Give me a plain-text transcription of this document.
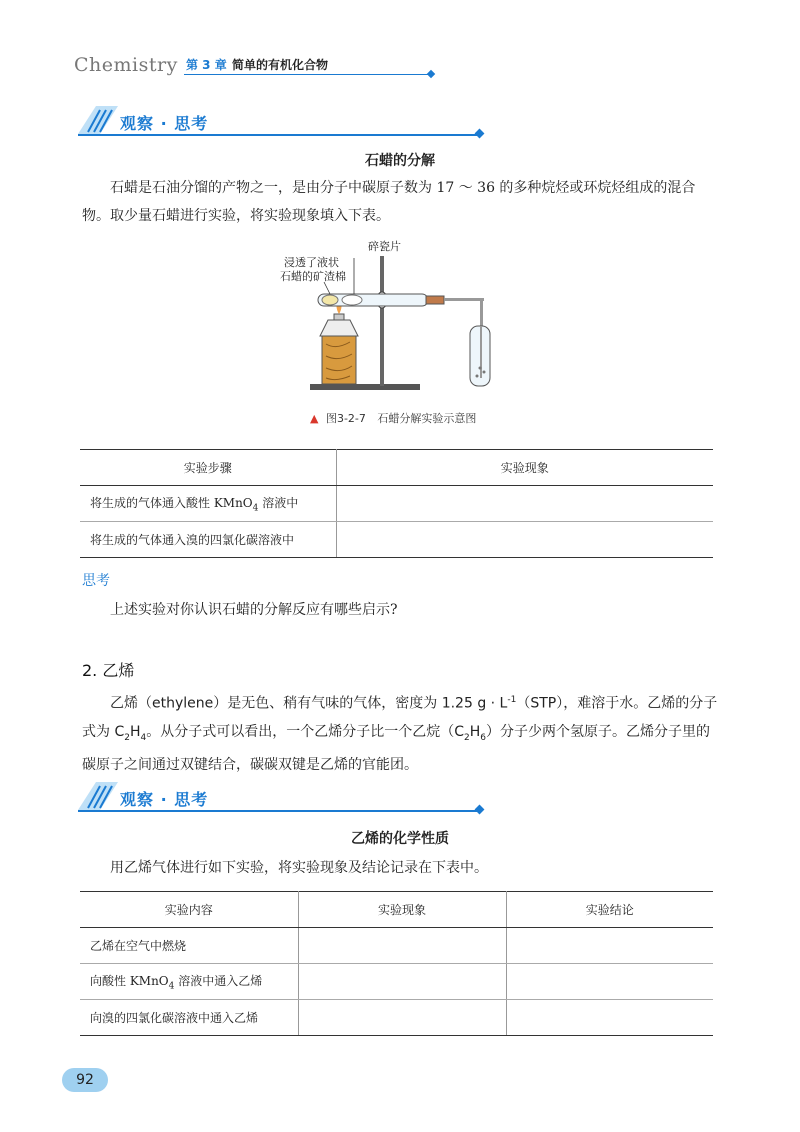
Chemistry 第 3 章 简单的有机化合物
观察 · 思考
石蜡的分解
石蜡是石油分馏的产物之一，是由分子中碳原子数为 17 ～ 36 的多种烷烃或环烷烃组成的混合物。取少量石蜡进行实验，将实验现象填入下表。
碎瓷片
浸透了液状
石蜡的矿渣棉
▲ 图3-2-7 石蜡分解实验示意图
实验步骤	实验现象
将生成的气体通入酸性 KMnO$_4$ 溶液中	
将生成的气体通入溴的四氯化碳溶液中	
思考
上述实验对你认识石蜡的分解反应有哪些启示?
2. 乙烯
乙烯（ethylene）是无色、稍有气味的气体，密度为 1.25 $g \cdot L^{-1}(STP)$，难溶于水。乙烯的分子式为 $C_2H_4$。从分子式可以看出，一个乙烯分子比一个乙烷$(C_2H_6)$分子少两个氢原子。乙烯分子里的碳原子之间通过双键结合，碳碳双键是乙烯的官能团。
观察 · 思考
乙烯的化学性质
用乙烯气体进行如下实验，将实验现象及结论记录在下表中。
实验内容	实验现象	实验结论
乙烯在空气中燃烧		
向酸性 KMnO$_4$ 溶液中通入乙烯		
向溴的四氯化碳溶液中通入乙烯		
92
